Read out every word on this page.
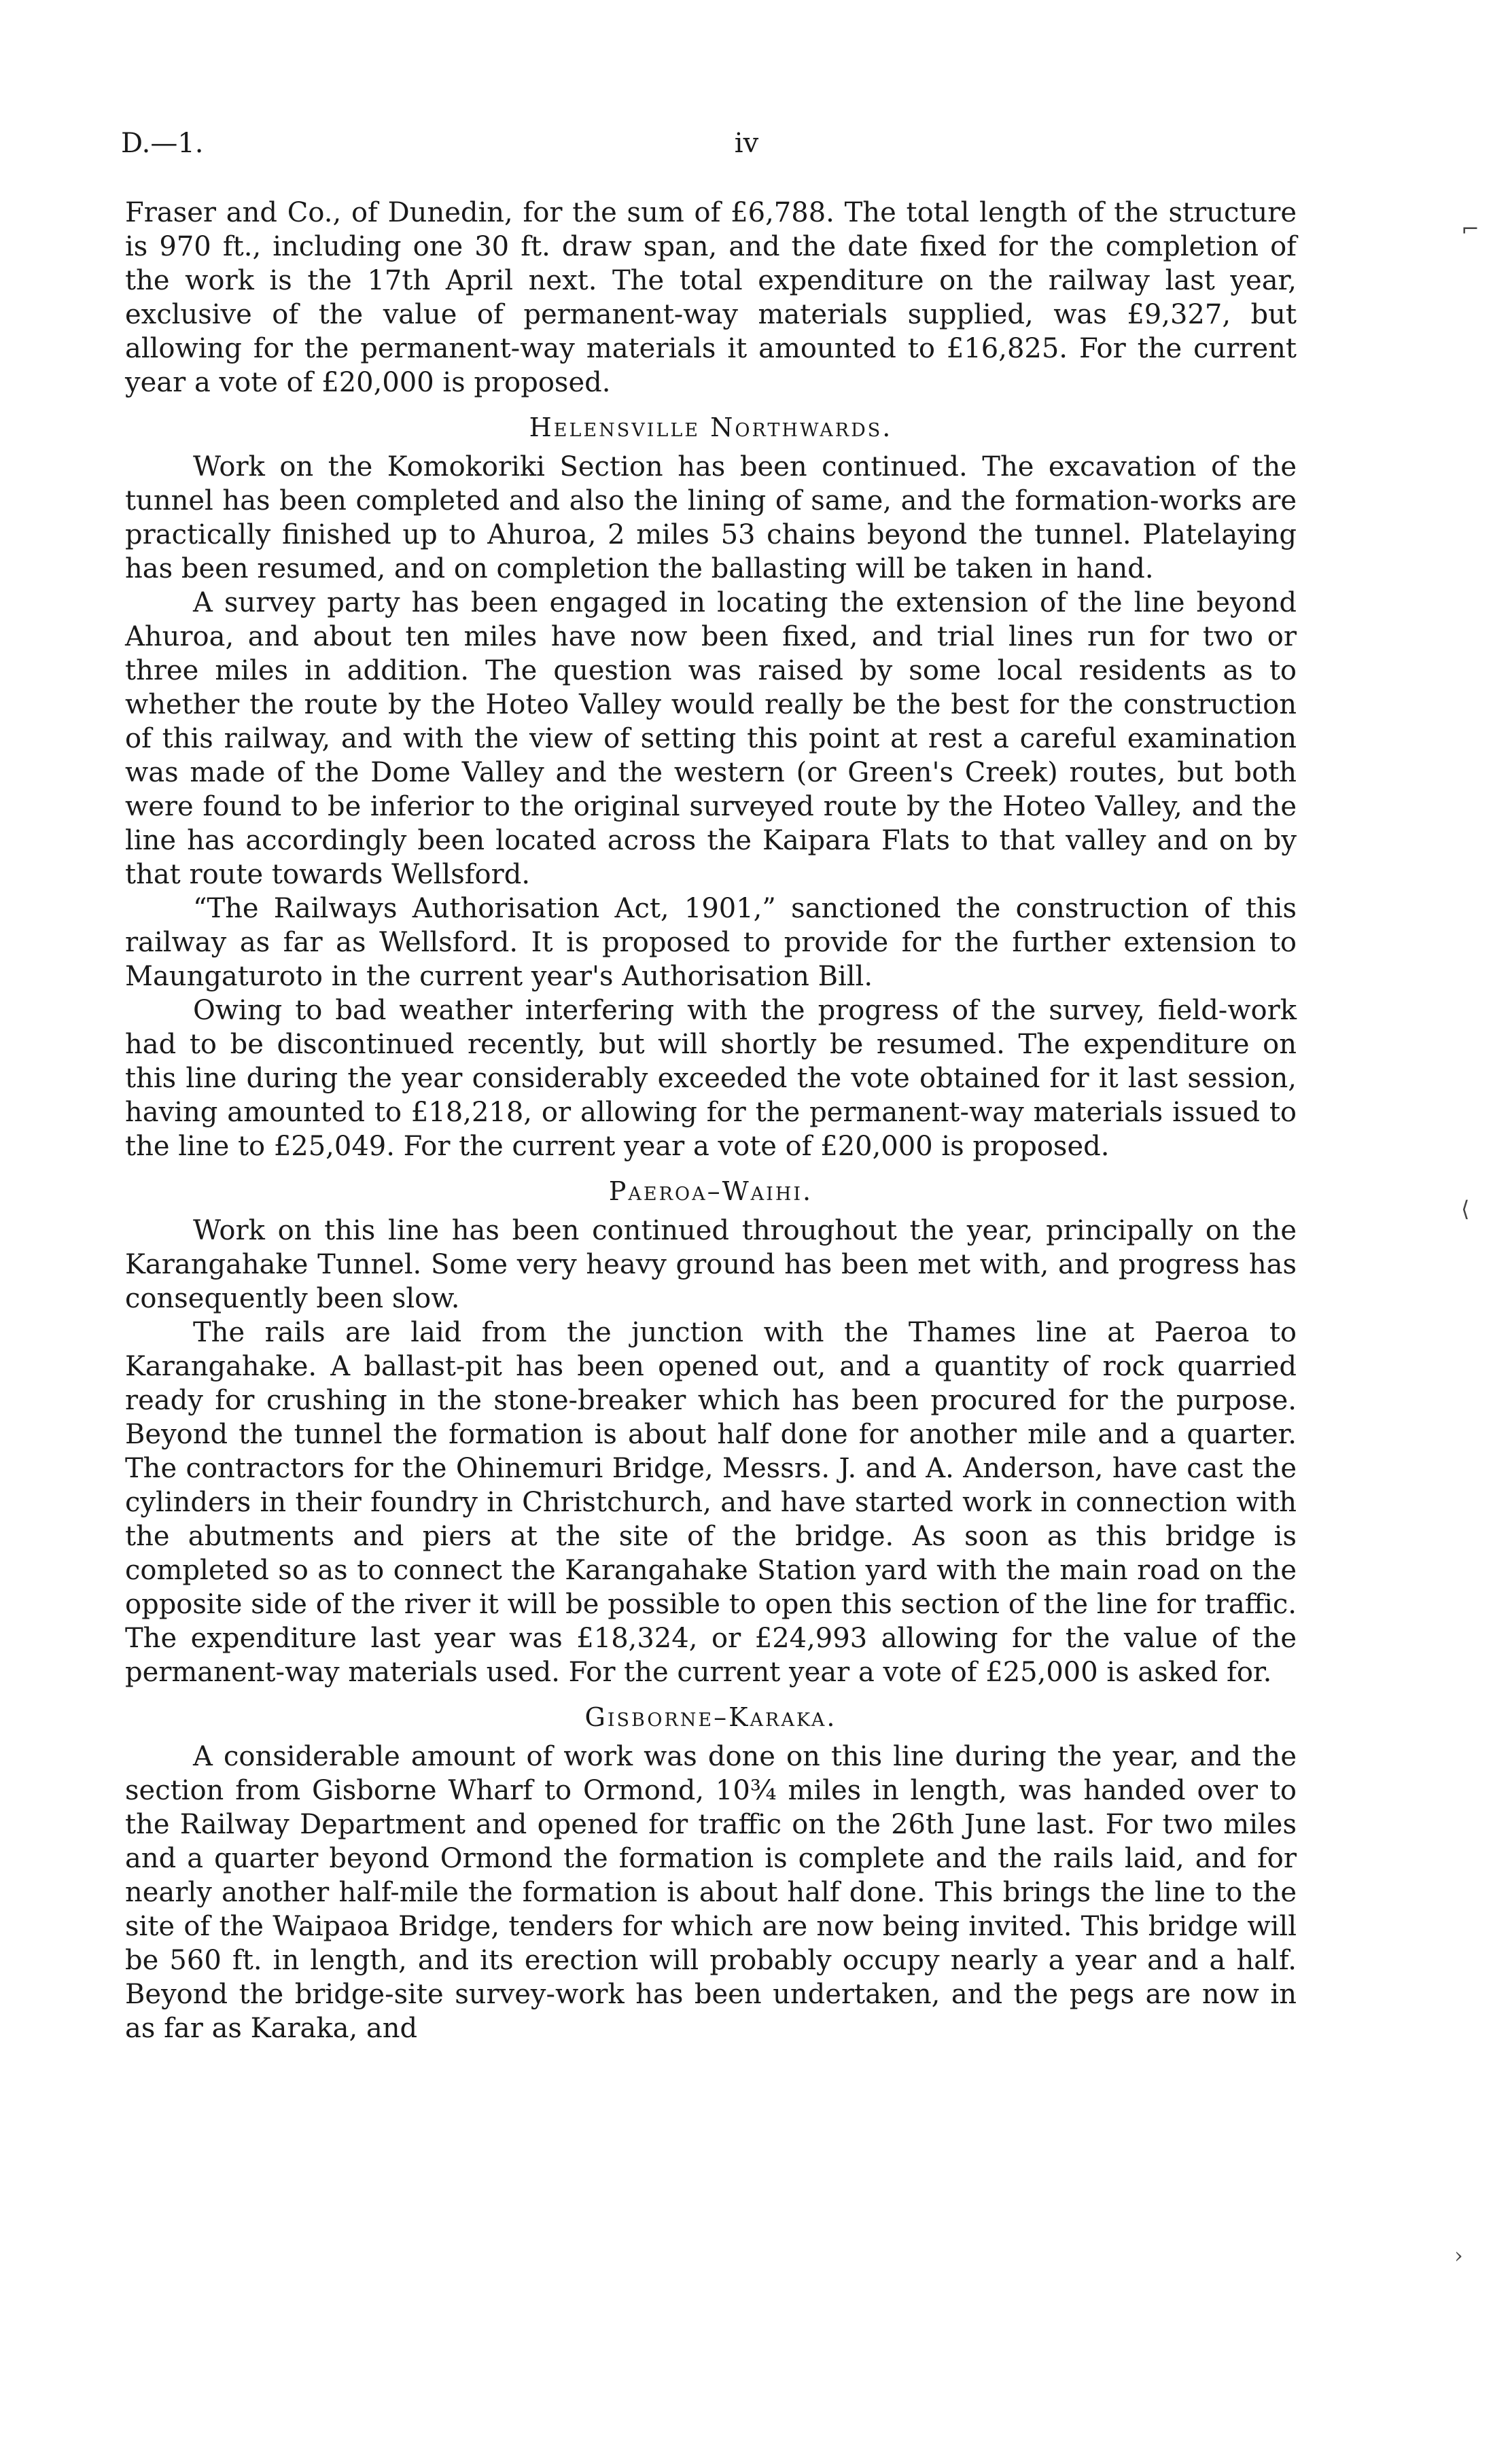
D.—1.	iv

Fraser and Co., of Dunedin, for the sum of £6,788. The total length of the structure is 970 ft., including one 30 ft. draw span, and the date fixed for the completion of the work is the 17th April next. The total expenditure on the railway last year, exclusive of the value of permanent-way materials supplied, was £9,327, but allowing for the permanent-way materials it amounted to £16,825. For the current year a vote of £20,000 is proposed.

Helensville Northwards.

Work on the Komokoriki Section has been continued. The excavation of the tunnel has been completed and also the lining of same, and the formation-works are practically finished up to Ahuroa, 2 miles 53 chains beyond the tunnel. Platelaying has been resumed, and on completion the ballasting will be taken in hand.

A survey party has been engaged in locating the extension of the line beyond Ahuroa, and about ten miles have now been fixed, and trial lines run for two or three miles in addition. The question was raised by some local residents as to whether the route by the Hoteo Valley would really be the best for the construction of this railway, and with the view of setting this point at rest a careful examination was made of the Dome Valley and the western (or Green's Creek) routes, but both were found to be inferior to the original surveyed route by the Hoteo Valley, and the line has accordingly been located across the Kaipara Flats to that valley and on by that route towards Wellsford.

“The Railways Authorisation Act, 1901,” sanctioned the construction of this railway as far as Wellsford. It is proposed to provide for the further extension to Maungaturoto in the current year's Authorisation Bill.

Owing to bad weather interfering with the progress of the survey, field-work had to be discontinued recently, but will shortly be resumed. The expenditure on this line during the year considerably exceeded the vote obtained for it last session, having amounted to £18,218, or allowing for the permanent-way materials issued to the line to £25,049. For the current year a vote of £20,000 is proposed.

Paeroa–Waihi.

Work on this line has been continued throughout the year, principally on the Karangahake Tunnel. Some very heavy ground has been met with, and progress has consequently been slow.

The rails are laid from the junction with the Thames line at Paeroa to Karangahake. A ballast-pit has been opened out, and a quantity of rock quarried ready for crushing in the stone-breaker which has been procured for the purpose. Beyond the tunnel the formation is about half done for another mile and a quarter. The contractors for the Ohinemuri Bridge, Messrs. J. and A. Anderson, have cast the cylinders in their foundry in Christchurch, and have started work in connection with the abutments and piers at the site of the bridge. As soon as this bridge is completed so as to connect the Karangahake Station yard with the main road on the opposite side of the river it will be possible to open this section of the line for traffic. The expenditure last year was £18,324, or £24,993 allowing for the value of the permanent-way materials used. For the current year a vote of £25,000 is asked for.

Gisborne–Karaka.

A considerable amount of work was done on this line during the year, and the section from Gisborne Wharf to Ormond, 10¾ miles in length, was handed over to the Railway Department and opened for traffic on the 26th June last. For two miles and a quarter beyond Ormond the formation is complete and the rails laid, and for nearly another half-mile the formation is about half done. This brings the line to the site of the Waipaoa Bridge, tenders for which are now being invited. This bridge will be 560 ft. in length, and its erection will probably occupy nearly a year and a half. Beyond the bridge-site survey-work has been undertaken, and the pegs are now in as far as Karaka, and

⌐
⟨
›
